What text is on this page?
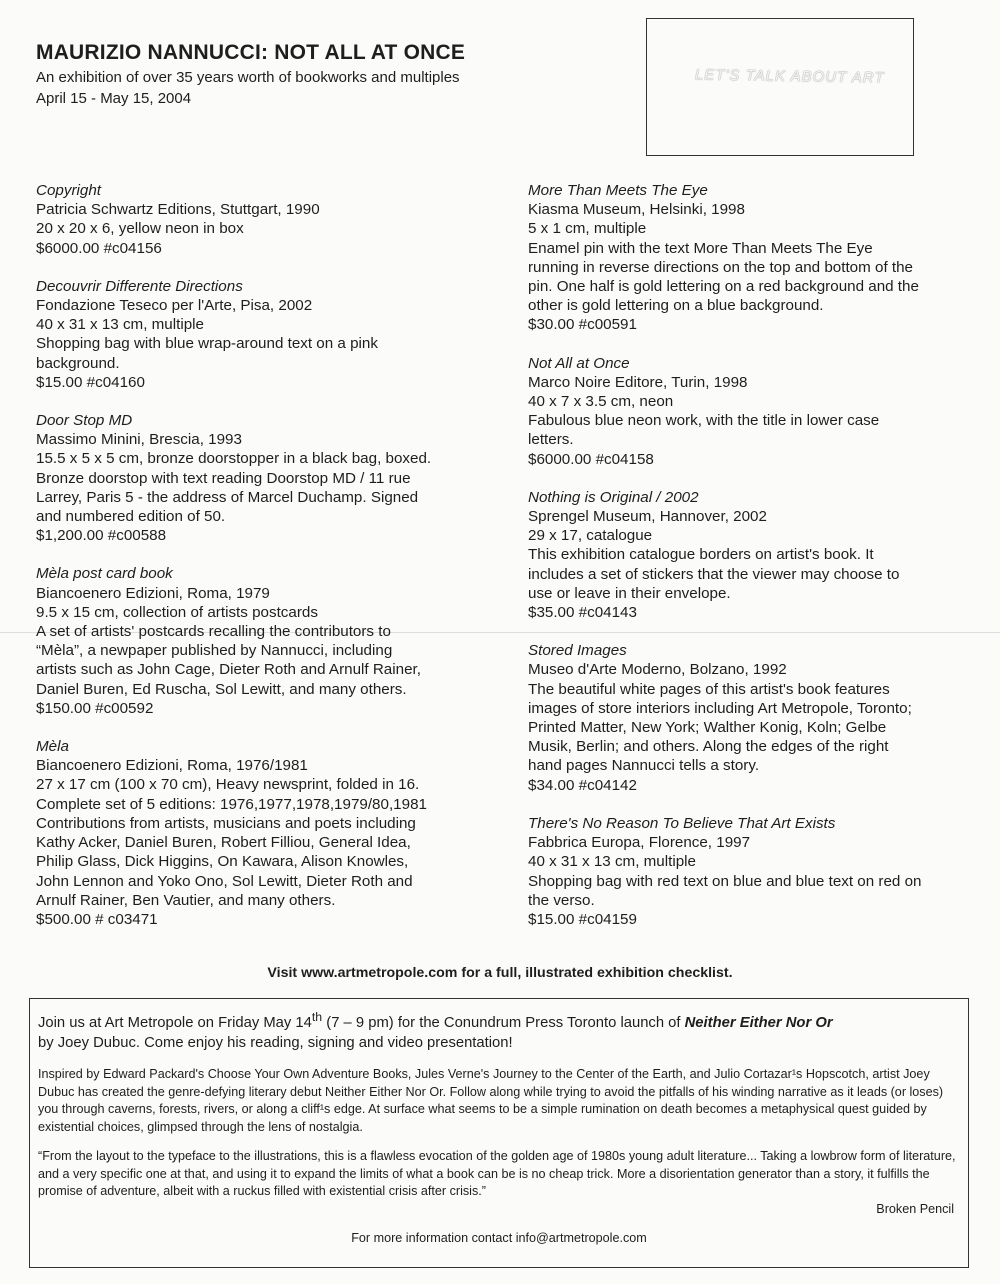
MAURIZIO NANNUCCI: NOT ALL AT ONCE
An exhibition of over 35 years worth of bookworks and multiples
April 15 - May 15, 2004
LET'S TALK ABOUT ART
Copyright
Patricia Schwartz Editions, Stuttgart, 1990
20 x 20 x 6, yellow neon in box
$6000.00 #c04156
Decouvrir Differente Directions
Fondazione Teseco per l'Arte, Pisa, 2002
40 x 31 x 13 cm, multiple
Shopping bag with blue wrap-around text on a pink
background.
$15.00 #c04160
Door Stop MD
Massimo Minini, Brescia, 1993
15.5 x 5 x 5 cm, bronze doorstopper in a black bag, boxed.
Bronze doorstop with text reading Doorstop MD / 11 rue
Larrey, Paris 5 - the address of Marcel Duchamp. Signed
and numbered edition of 50.
$1,200.00 #c00588
Mèla post card book
Biancoenero Edizioni, Roma, 1979
9.5 x 15 cm, collection of artists postcards
A set of artists' postcards recalling the contributors to
“Mèla”, a newpaper published by Nannucci, including
artists such as John Cage, Dieter Roth and Arnulf Rainer,
Daniel Buren, Ed Ruscha, Sol Lewitt, and many others.
$150.00 #c00592
Mèla
Biancoenero Edizioni, Roma, 1976/1981
27 x 17 cm (100 x 70 cm), Heavy newsprint, folded in 16.
Complete set of 5 editions: 1976,1977,1978,1979/80,1981
Contributions from artists, musicians and poets including
Kathy Acker, Daniel Buren, Robert Filliou, General Idea,
Philip Glass, Dick Higgins, On Kawara, Alison Knowles,
John Lennon and Yoko Ono, Sol Lewitt, Dieter Roth and
Arnulf Rainer, Ben Vautier, and many others.
$500.00 # c03471
More Than Meets The Eye
Kiasma Museum, Helsinki, 1998
5 x 1 cm, multiple
Enamel pin with the text More Than Meets The Eye
running in reverse directions on the top and bottom of the
pin. One half is gold lettering on a red background and the
other is gold lettering on a blue background.
$30.00 #c00591
Not All at Once
Marco Noire Editore, Turin, 1998
40 x 7 x 3.5 cm, neon
Fabulous blue neon work, with the title in lower case
letters.
$6000.00 #c04158
Nothing is Original / 2002
Sprengel Museum, Hannover, 2002
29 x 17, catalogue
This exhibition catalogue borders on artist's book. It
includes a set of stickers that the viewer may choose to
use or leave in their envelope.
$35.00 #c04143
Stored Images
Museo d'Arte Moderno, Bolzano, 1992
The beautiful white pages of this artist's book features
images of store interiors including Art Metropole, Toronto;
Printed Matter, New York; Walther Konig, Koln; Gelbe
Musik, Berlin; and others. Along the edges of the right
hand pages Nannucci tells a story.
$34.00 #c04142
There's No Reason To Believe That Art Exists
Fabbrica Europa, Florence, 1997
40 x 31 x 13 cm, multiple
Shopping bag with red text on blue and blue text on red on
the verso.
$15.00 #c04159
Visit www.artmetropole.com for a full, illustrated exhibition checklist.
Join us at Art Metropole on Friday May 14th (7 – 9 pm) for the Conundrum Press Toronto launch of Neither Either Nor Or
by Joey Dubuc. Come enjoy his reading, signing and video presentation!
Inspired by Edward Packard's Choose Your Own Adventure Books, Jules Verne's Journey to the Center of the Earth, and Julio Cortazar¹s Hopscotch, artist Joey Dubuc has created the genre-defying literary debut Neither Either Nor Or. Follow along while trying to avoid the pitfalls of his winding narrative as it leads (or loses) you through caverns, forests, rivers, or along a cliff¹s edge. At surface what seems to be a simple rumination on death becomes a metaphysical quest guided by existential choices, glimpsed through the lens of nostalgia.
“From the layout to the typeface to the illustrations, this is a flawless evocation of the golden age of 1980s young adult literature... Taking a lowbrow form of literature, and a very specific one at that, and using it to expand the limits of what a book can be is no cheap trick. More a disorientation generator than a story, it fulfills the promise of adventure, albeit with a ruckus filled with existential crisis after crisis.”
Broken Pencil
For more information contact info@artmetropole.com
